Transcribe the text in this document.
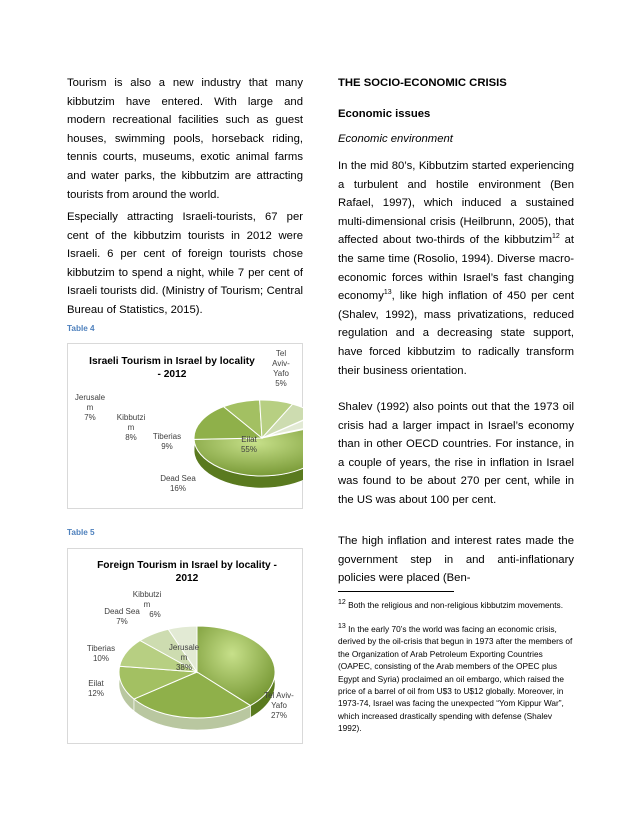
Tourism is also a new industry that many kibbutzim have entered. With large and modern recreational facilities such as guest houses, swimming pools, horseback riding, tennis courts, museums, exotic animal farms and water parks, the kibbutzim are attracting tourists from around the world.

Especially attracting Israeli-tourists, 67 per cent of the kibbutzim tourists in 2012 were Israeli. 6 per cent of foreign tourists chose kibbutzim to spend a night, while 7 per cent of Israeli tourists did. (Ministry of Tourism; Central Bureau of Statistics, 2015).

Table 4
Israeli Tourism in Israel by locality - 2012
Eilat
55%
Dead Sea
16%
Tiberias
9%
Kibbutzi
m
8%
Jerusale
m
7%
Tel
Aviv-
Yafo
5%
Table 5
Foreign Tourism in Israel by locality - 2012
Jerusale
m
38%
Tel Aviv-
Yafo
27%
Eilat
12%
Tiberias
10%
Dead Sea
7%
Kibbutzi
m
6%
THE SOCIO-ECONOMIC CRISIS
Economic issues
Economic environment

In the mid 80’s, Kibbutzim started experiencing a turbulent and hostile environment (Ben Rafael, 1997), which induced a sustained multi-dimensional crisis (Heilbrunn, 2005), that affected about two-thirds of the kibbutzim$^{12}$ at the same time (Rosolio, 1994). Diverse macro-economic forces within Israel’s fast changing economy$^{13}$, like high inflation of 450 per cent (Shalev, 1992), mass privatizations, reduced regulation and a decreasing state support, have forced kibbutzim to radically transform their business orientation.

Shalev (1992) also points out that the 1973 oil crisis had a larger impact in Israel’s economy than in other OECD countries. For instance, in a couple of years, the rise in inflation in Israel was found to be about 270 per cent, while in the US was about 100 per cent.

The high inflation and interest rates made the government step in and anti-inflationary policies were placed (Ben-

$^{12}$ Both the religious and non-religious kibbutzim movements.
$^{13}$ In the early 70’s the world was facing an economic crisis, derived by the oil-crisis that begun in 1973 after the members of the Organization of Arab Petroleum Exporting Countries (OAPEC, consisting of the Arab members of the OPEC plus Egypt and Syria) proclaimed an oil embargo, which raised the price of a barrel of oil from U$3 to U$12 globally. Moreover, in 1973-74, Israel was facing the unexpected “Yom Kippur War”, which increased drastically spending with defense (Shalev 1992).
